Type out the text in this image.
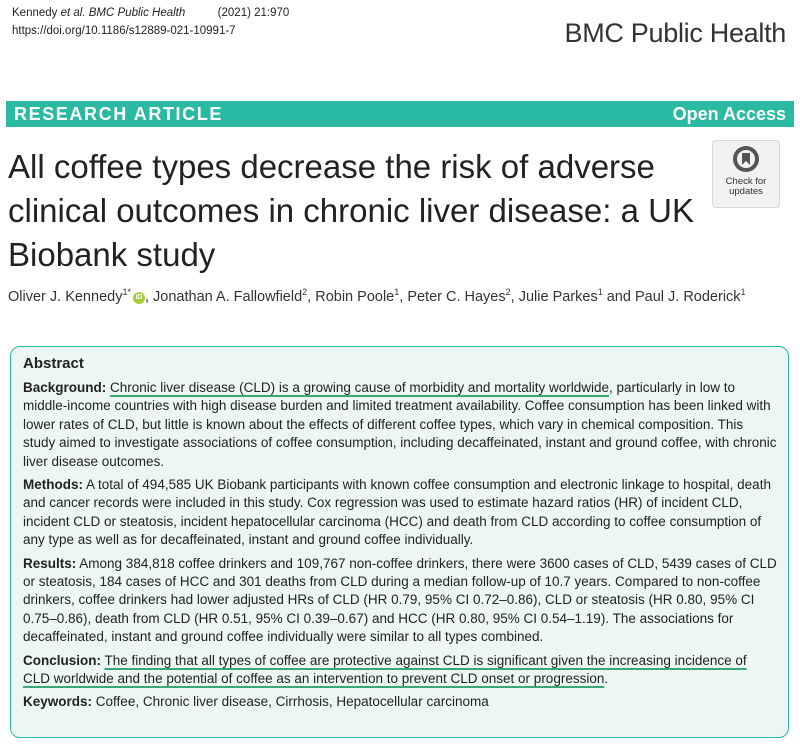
Kennedy et al. BMC Public Health	(2021) 21:970
https://doi.org/10.1186/s12889-021-10991-7	BMC Public Health
RESEARCH ARTICLE	Open Access
All coffee types decrease the risk of adverse clinical outcomes in chronic liver disease: a UK Biobank study
Check for
updates
Oliver J. Kennedy$^{1*}$iD , Jonathan A. Fallowfield$^2$, Robin Poole$^1$, Peter C. Hayes$^2$, Julie Parkes$^1$ and Paul J. Roderick$^1$
Abstract

Background: Chronic liver disease (CLD) is a growing cause of morbidity and mortality worldwide, particularly in low to middle-income countries with high disease burden and limited treatment availability. Coffee consumption has been linked with lower rates of CLD, but little is known about the effects of different coffee types, which vary in chemical composition. This study aimed to investigate associations of coffee consumption, including decaffeinated, instant and ground coffee, with chronic liver disease outcomes.

Methods: A total of 494,585 UK Biobank participants with known coffee consumption and electronic linkage to hospital, death and cancer records were included in this study. Cox regression was used to estimate hazard ratios (HR) of incident CLD, incident CLD or steatosis, incident hepatocellular carcinoma (HCC) and death from CLD according to coffee consumption of any type as well as for decaffeinated, instant and ground coffee individually.

Results: Among 384,818 coffee drinkers and 109,767 non-coffee drinkers, there were 3600 cases of CLD, 5439 cases of CLD or steatosis, 184 cases of HCC and 301 deaths from CLD during a median follow-up of 10.7 years. Compared to non-coffee drinkers, coffee drinkers had lower adjusted HRs of CLD (HR 0.79, 95% CI 0.72–0.86), CLD or steatosis (HR 0.80, 95% CI 0.75–0.86), death from CLD (HR 0.51, 95% CI 0.39–0.67) and HCC (HR 0.80, 95% CI 0.54–1.19). The associations for decaffeinated, instant and ground coffee individually were similar to all types combined.

Conclusion: The finding that all types of coffee are protective against CLD is significant given the increasing incidence of CLD worldwide and the potential of coffee as an intervention to prevent CLD onset or progression.

Keywords: Coffee, Chronic liver disease, Cirrhosis, Hepatocellular carcinoma
